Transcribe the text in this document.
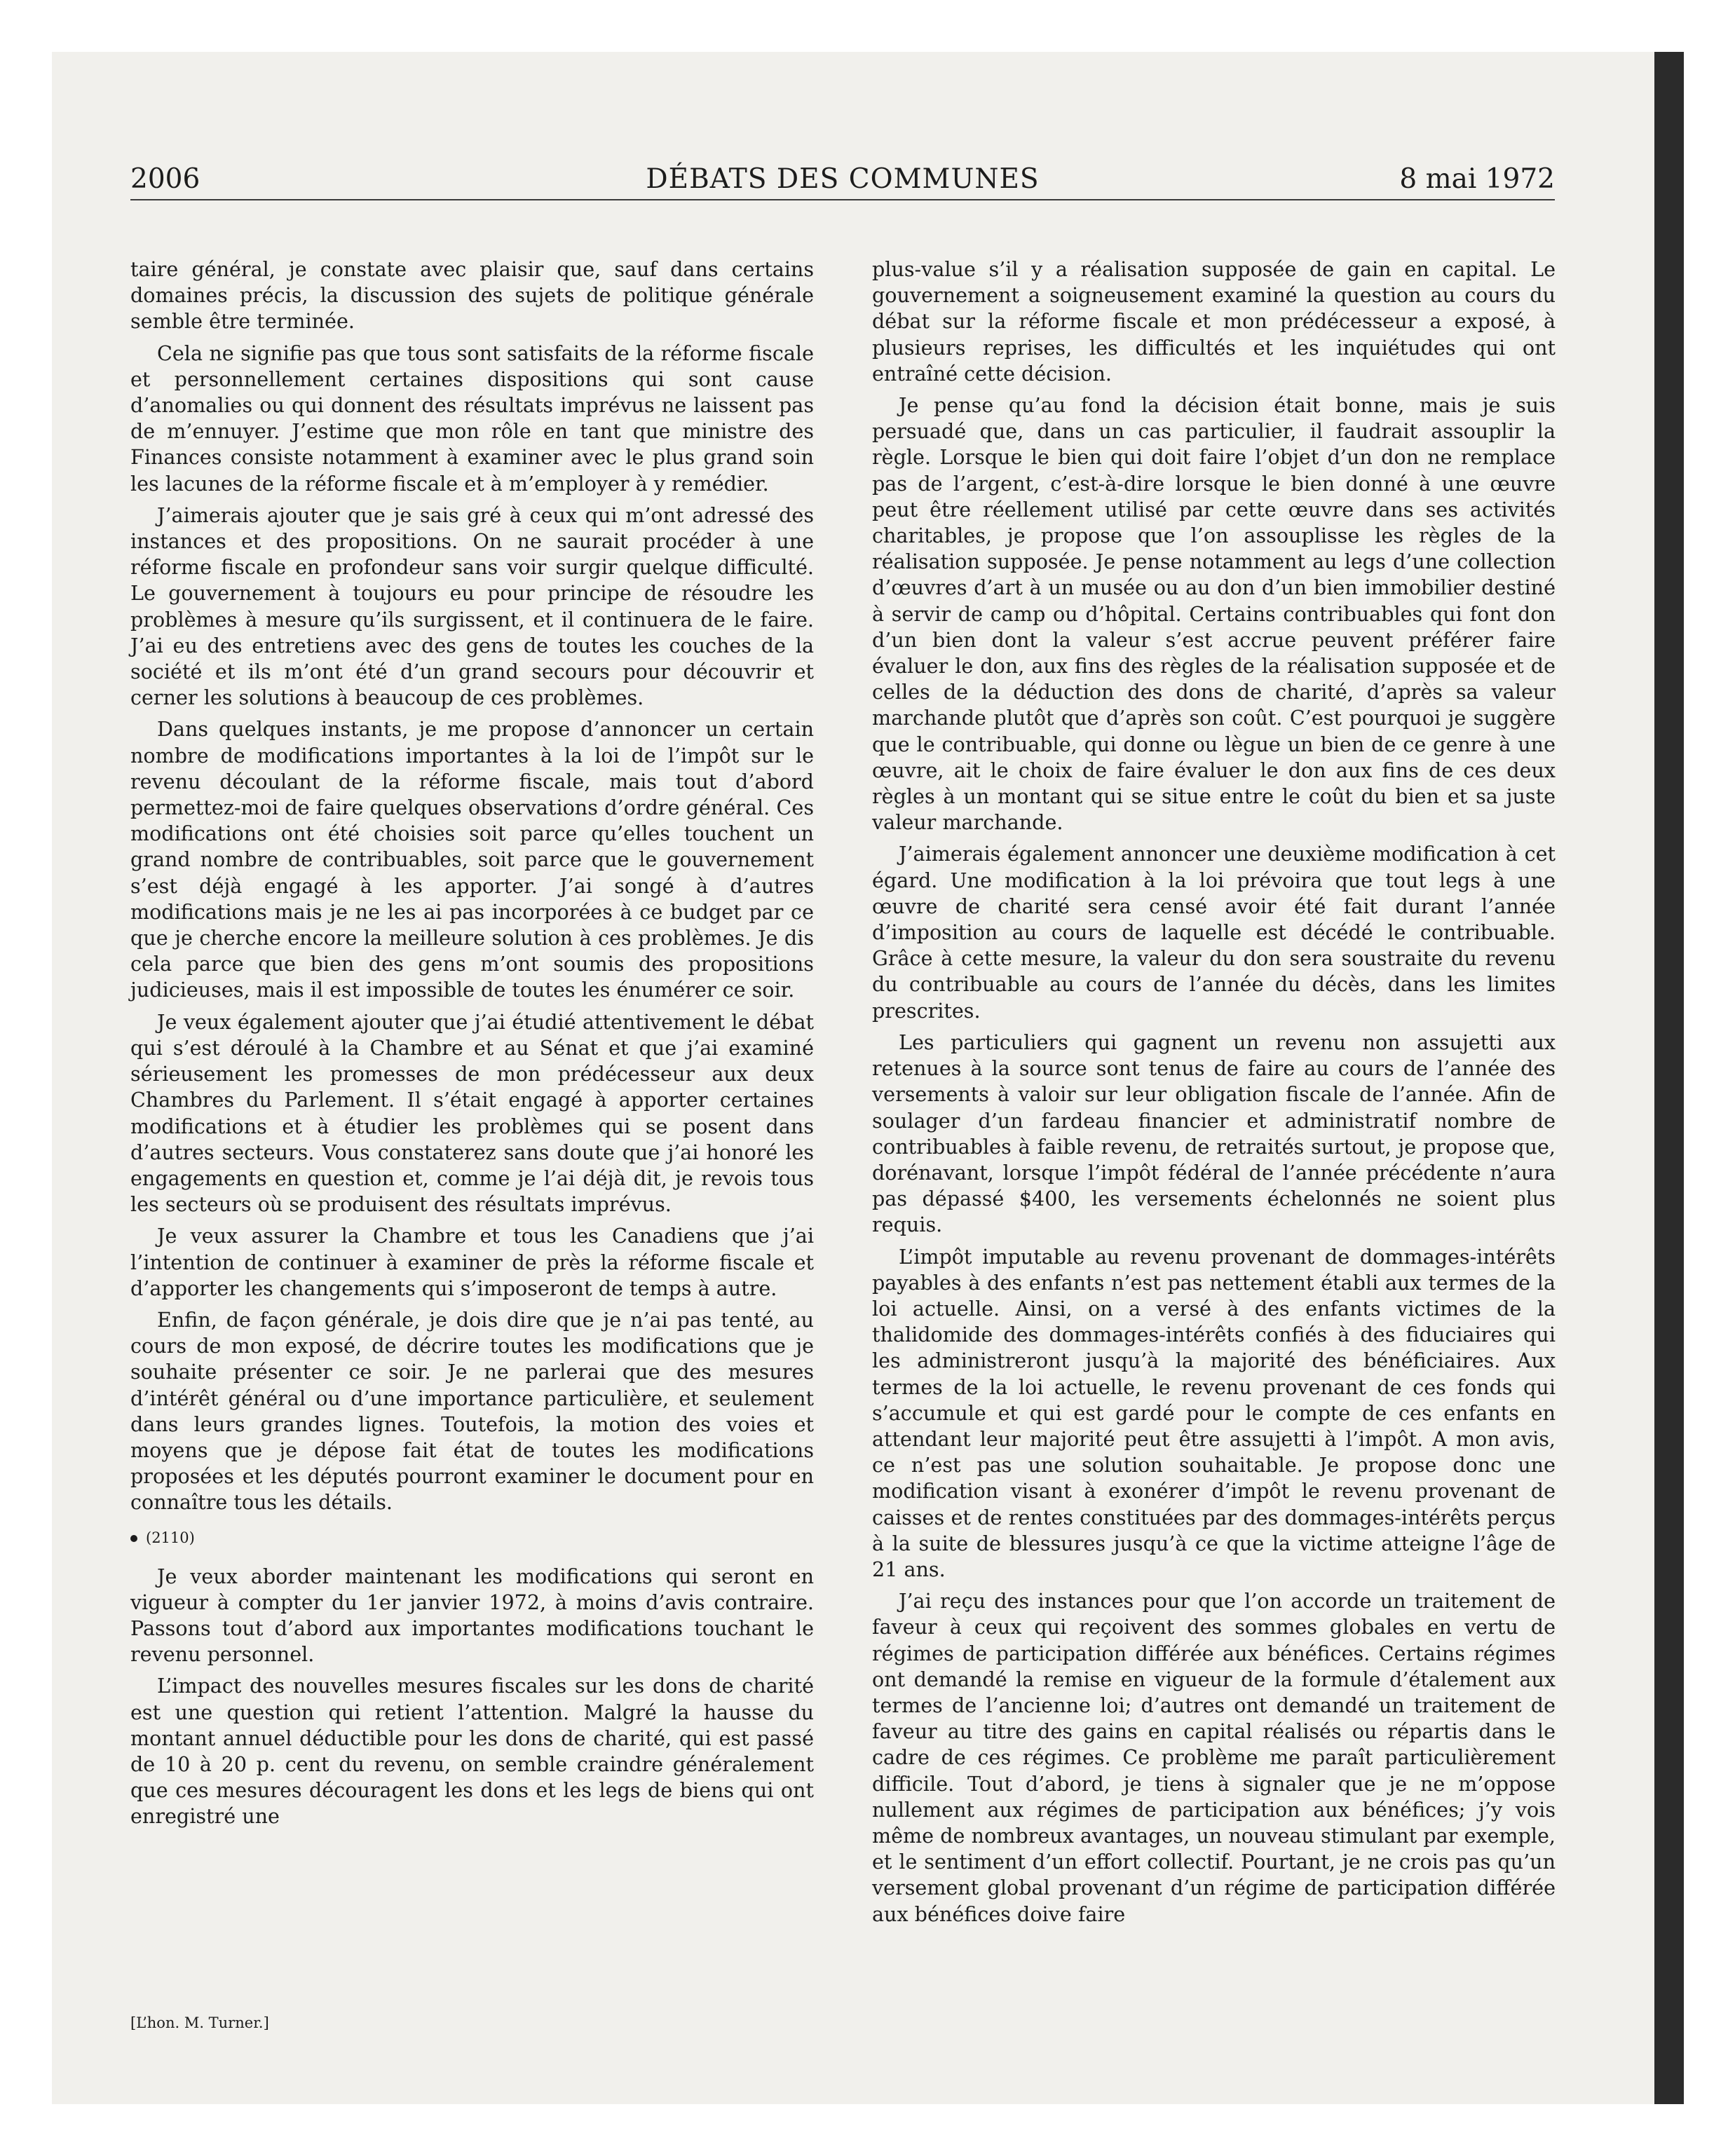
2006	DÉBATS DES COMMUNES	8 mai 1972

taire général, je constate avec plaisir que, sauf dans certains domaines précis, la discussion des sujets de politique générale semble être terminée.

Cela ne signifie pas que tous sont satisfaits de la réforme fiscale et personnellement certaines dispositions qui sont cause d’anomalies ou qui donnent des résultats imprévus ne laissent pas de m’ennuyer. J’estime que mon rôle en tant que ministre des Finances consiste notamment à examiner avec le plus grand soin les lacunes de la réforme fiscale et à m’employer à y remédier.

J’aimerais ajouter que je sais gré à ceux qui m’ont adressé des instances et des propositions. On ne saurait procéder à une réforme fiscale en profondeur sans voir surgir quelque difficulté. Le gouvernement à toujours eu pour principe de résoudre les problèmes à mesure qu’ils surgissent, et il continuera de le faire. J’ai eu des entretiens avec des gens de toutes les couches de la société et ils m’ont été d’un grand secours pour découvrir et cerner les solutions à beaucoup de ces problèmes.

Dans quelques instants, je me propose d’annoncer un certain nombre de modifications importantes à la loi de l’impôt sur le revenu découlant de la réforme fiscale, mais tout d’abord permettez-moi de faire quelques observations d’ordre général. Ces modifications ont été choisies soit parce qu’elles touchent un grand nombre de contribuables, soit parce que le gouvernement s’est déjà engagé à les apporter. J’ai songé à d’autres modifications mais je ne les ai pas incorporées à ce budget par ce que je cherche encore la meilleure solution à ces problèmes. Je dis cela parce que bien des gens m’ont soumis des propositions judicieuses, mais il est impossible de toutes les énumérer ce soir.

Je veux également ajouter que j’ai étudié attentivement le débat qui s’est déroulé à la Chambre et au Sénat et que j’ai examiné sérieusement les promesses de mon prédécesseur aux deux Chambres du Parlement. Il s’était engagé à apporter certaines modifications et à étudier les problèmes qui se posent dans d’autres secteurs. Vous constaterez sans doute que j’ai honoré les engagements en question et, comme je l’ai déjà dit, je revois tous les secteurs où se produisent des résultats imprévus.

Je veux assurer la Chambre et tous les Canadiens que j’ai l’intention de continuer à examiner de près la réforme fiscale et d’apporter les changements qui s’imposeront de temps à autre.

Enfin, de façon générale, je dois dire que je n’ai pas tenté, au cours de mon exposé, de décrire toutes les modifications que je souhaite présenter ce soir. Je ne parlerai que des mesures d’intérêt général ou d’une importance particulière, et seulement dans leurs grandes lignes. Toutefois, la motion des voies et moyens que je dépose fait état de toutes les modifications proposées et les députés pourront examiner le document pour en connaître tous les détails.

(2110)

Je veux aborder maintenant les modifications qui seront en vigueur à compter du 1er janvier 1972, à moins d’avis contraire. Passons tout d’abord aux importantes modifications touchant le revenu personnel.

L’impact des nouvelles mesures fiscales sur les dons de charité est une question qui retient l’attention. Malgré la hausse du montant annuel déductible pour les dons de charité, qui est passé de 10 à 20 p. cent du revenu, on semble craindre généralement que ces mesures découragent les dons et les legs de biens qui ont enregistré une

plus-value s’il y a réalisation supposée de gain en capital. Le gouvernement a soigneusement examiné la question au cours du débat sur la réforme fiscale et mon prédécesseur a exposé, à plusieurs reprises, les difficultés et les inquiétudes qui ont entraîné cette décision.

Je pense qu’au fond la décision était bonne, mais je suis persuadé que, dans un cas particulier, il faudrait assouplir la règle. Lorsque le bien qui doit faire l’objet d’un don ne remplace pas de l’argent, c’est-à-dire lorsque le bien donné à une œuvre peut être réellement utilisé par cette œuvre dans ses activités charitables, je propose que l’on assouplisse les règles de la réalisation supposée. Je pense notamment au legs d’une collection d’œuvres d’art à un musée ou au don d’un bien immobilier destiné à servir de camp ou d’hôpital. Certains contribuables qui font don d’un bien dont la valeur s’est accrue peuvent préférer faire évaluer le don, aux fins des règles de la réalisation supposée et de celles de la déduction des dons de charité, d’après sa valeur marchande plutôt que d’après son coût. C’est pourquoi je suggère que le contribuable, qui donne ou lègue un bien de ce genre à une œuvre, ait le choix de faire évaluer le don aux fins de ces deux règles à un montant qui se situe entre le coût du bien et sa juste valeur marchande.

J’aimerais également annoncer une deuxième modification à cet égard. Une modification à la loi prévoira que tout legs à une œuvre de charité sera censé avoir été fait durant l’année d’imposition au cours de laquelle est décédé le contribuable. Grâce à cette mesure, la valeur du don sera soustraite du revenu du contribuable au cours de l’année du décès, dans les limites prescrites.

Les particuliers qui gagnent un revenu non assujetti aux retenues à la source sont tenus de faire au cours de l’année des versements à valoir sur leur obligation fiscale de l’année. Afin de soulager d’un fardeau financier et administratif nombre de contribuables à faible revenu, de retraités surtout, je propose que, dorénavant, lorsque l’impôt fédéral de l’année précédente n’aura pas dépassé $400, les versements échelonnés ne soient plus requis.

L’impôt imputable au revenu provenant de dommages-intérêts payables à des enfants n’est pas nettement établi aux termes de la loi actuelle. Ainsi, on a versé à des enfants victimes de la thalidomide des dommages-intérêts confiés à des fiduciaires qui les administreront jusqu’à la majorité des bénéficiaires. Aux termes de la loi actuelle, le revenu provenant de ces fonds qui s’accumule et qui est gardé pour le compte de ces enfants en attendant leur majorité peut être assujetti à l’impôt. A mon avis, ce n’est pas une solution souhaitable. Je propose donc une modification visant à exonérer d’impôt le revenu provenant de caisses et de rentes constituées par des dommages-intérêts perçus à la suite de blessures jusqu’à ce que la victime atteigne l’âge de 21 ans.

J’ai reçu des instances pour que l’on accorde un traitement de faveur à ceux qui reçoivent des sommes globales en vertu de régimes de participation différée aux bénéfices. Certains régimes ont demandé la remise en vigueur de la formule d’étalement aux termes de l’ancienne loi; d’autres ont demandé un traitement de faveur au titre des gains en capital réalisés ou répartis dans le cadre de ces régimes. Ce problème me paraît particulièrement difficile. Tout d’abord, je tiens à signaler que je ne m’oppose nullement aux régimes de participation aux bénéfices; j’y vois même de nombreux avantages, un nouveau stimulant par exemple, et le sentiment d’un effort collectif. Pourtant, je ne crois pas qu’un versement global provenant d’un régime de participation différée aux bénéfices doive faire

[L’hon. M. Turner.]
